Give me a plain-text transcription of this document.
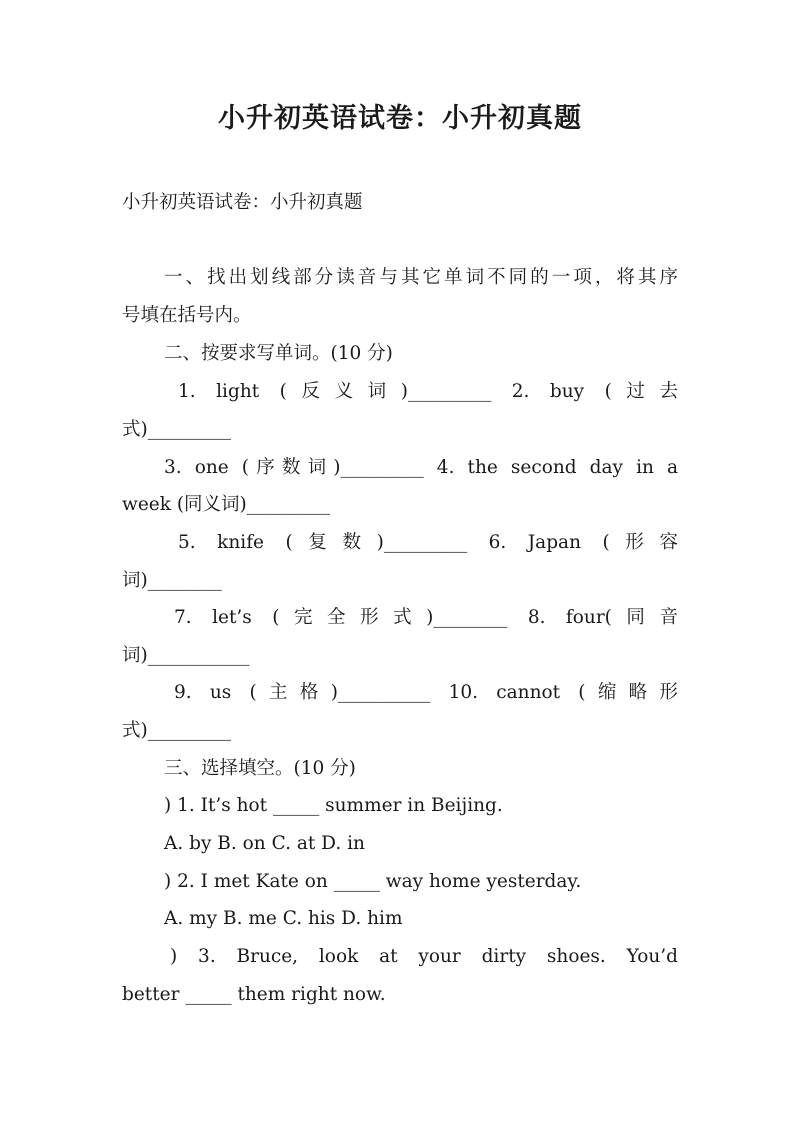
小升初英语试卷：小升初真题
小升初英语试卷：小升初真题
一、找出划线部分读音与其它单词不同的一项，将其序
号填在括号内。
二、按要求写单词。(10 分)
1. light (反义词)_________ 2. buy (过去
式)_________
3. one (序数词)_________ 4. the second day in a
week (同义词)_________
5. knife (复数)_________ 6. Japan (形容
词)________
7. let’s (完全形式)________ 8. four(同音
词)___________
9. us (主格)__________ 10. cannot (缩略形
式)_________
三、选择填空。(10 分)
) 1. It’s hot _____ summer in Beijing.
A. by B. on C. at D. in
) 2. I met Kate on _____ way home yesterday.
A. my B. me C. his D. him
) 3. Bruce, look at your dirty shoes. You’d
better _____ them right now.
